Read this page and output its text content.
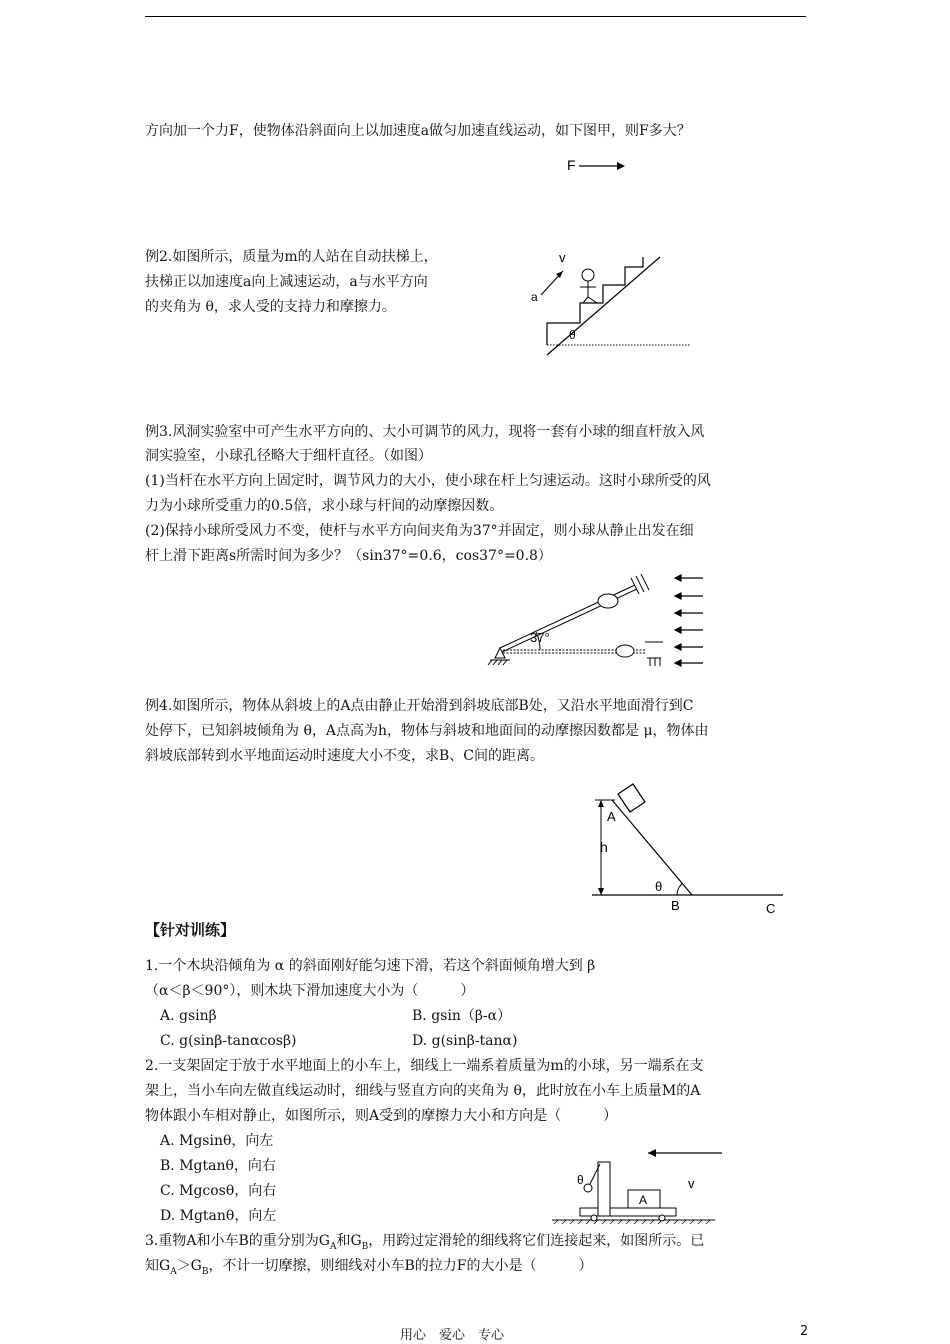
方向加一个力F，使物体沿斜面向上以加速度a做匀加速直线运动，如下图甲，则F多大？
F
例2.如图所示，质量为m的人站在自动扶梯上，
扶梯正以加速度a向上减速运动，a与水平方向
的夹角为 θ，求人受的支持力和摩擦力。
v
a
θ
例3.风洞实验室中可产生水平方向的、大小可调节的风力，现将一套有小球的细直杆放入风
洞实验室，小球孔径略大于细杆直径。（如图）
(1)当杆在水平方向上固定时，调节风力的大小，使小球在杆上匀速运动。这时小球所受的风
力为小球所受重力的0.5倍，求小球与杆间的动摩擦因数。
(2)保持小球所受风力不变，使杆与水平方向间夹角为37°并固定，则小球从静止出发在细
杆上滑下距离s所需时间为多少？（sin37°=0.6，cos37°=0.8）
37°
例4.如图所示，物体从斜坡上的A点由静止开始滑到斜坡底部B处，又沿水平地面滑行到C
处停下，已知斜坡倾角为 θ，A点高为h，物体与斜坡和地面间的动摩擦因数都是 μ，物体由
斜坡底部转到水平地面运动时速度大小不变，求B、C间的距离。
A
h
θ
B	C
【针对训练】
1.一个木块沿倾角为 α 的斜面刚好能匀速下滑，若这个斜面倾角增大到 β
（α＜β＜90°），则木块下滑加速度大小为（　　　）
A. gsinβ	B. gsin（β-α）
C. g(sinβ-tanαcosβ)	D. g(sinβ-tanα)
2.一支架固定于放于水平地面上的小车上，细线上一端系着质量为m的小球，另一端系在支
架上，当小车向左做直线运动时，细线与竖直方向的夹角为 θ，此时放在小车上质量M的A
物体跟小车相对静止，如图所示，则A受到的摩擦力大小和方向是（　　　）
A. Mgsinθ，向左
B. Mgtanθ，向右
C. Mgcosθ，向右
D. Mgtanθ，向左
v
θ
A
3.重物A和小车B的重分别为$G_A$和$G_B$，用跨过定滑轮的细线将它们连接起来，如图所示。已
知$G_A>G_B$，不计一切摩擦，则细线对小车B的拉力F的大小是（　　　）
用心　爱心　专心	2
